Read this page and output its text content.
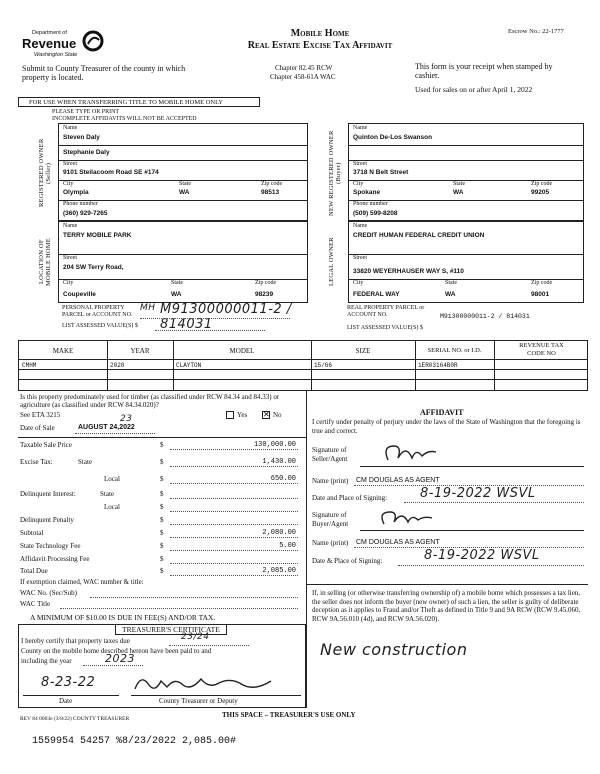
Department of
Revenue
Washington State
Mobile Home
Real Estate Excise Tax Affidavit
Escrow No.: 22-1777
Submit to County Treasurer of the county in which property is located.
Chapter 82.45 RCW
Chapter 458-61A WAC
This form is your receipt when stamped by cashier.
Used for sales on or after April 1, 2022
FOR USE WHEN TRANSFERRING TITLE TO MOBILE HOME ONLY
PLEASE TYPE OR PRINT
INCOMPLETE AFFIDAVITS WILL NOT BE ACCEPTED
Name
Steven Daly
Stephanie Daly
Street
9101 Steilacoom Road SE #174
City	State	Zip code
Olympia	WA	98513
Phone number
(360) 929-7265
REGISTERED OWNER (Seller)
Name
Quinton De-Los Swanson
Street
3718 N Belt Street
City	State	Zip code
Spokane	WA	99205
Phone number
(509) 599-8208
NEW REGISTERED OWNER (Buyer)
Name
TERRY MOBILE PARK
Street
204 SW Terry Road,
City	State	Zip code
Coupeville	WA	98239
LOCATION OF MOBILE HOME
PERSONAL PROPERTY PARCEL or ACCOUNT NO.
MH M91300000011-2 / 814031
LIST ASSESSED VALUE(S) $
Name
CREDIT HUMAN FEDERAL CREDIT UNION
Street
33820 WEYERHAUSER WAY S, #110
City	State	Zip code
FEDERAL WAY	WA	98001
LEGAL OWNER
REAL PROPERTY PARCEL or ACCOUNT NO.	M91300000011-2 / 814031
LIST ASSESSED VALUE(S) $
MAKE	YEAR	MODEL	SIZE	SERIAL NO. or I.D.
REVENUE TAX CODE NO
CMHM	2020	CLAYTON	15/66	1ER03164B0R
Is this property predominately used for timber (as classified under RCW 84.34 and 84.33) or agriculture (as classified under RCW 84.34.020)?
See ETA 3215	Yes ✕ No
Date of Sale	AUGUST 24,2022
23
Taxable Sale Price	$	130,000.00
Excise Tax:	State	$	1,430.00
Local	$	650.00
Delinquent Interest:	State	$
Local	$
Delinquent Penalty	$
Subtotal	$	2,080.00
State Technology Fee	$	5.00
Affidavit Processing Fee	$
Total Due	$	2,085.00
If exemption claimed, WAC number & title:
WAC No. (Sec/Sub)
WAC Title
A MINIMUM OF $10.00 IS DUE IN FEE(S) AND/OR TAX.
TREASURER'S CERTIFICATE
I hereby certify that property taxes due	23/24
County on the mobile home described hereon have been paid to and
including the year	2023
8-23-22
Date	County Treasurer or Deputy
THIS SPACE – TREASURER'S USE ONLY
REV 84 0003e (3/8/22) COUNTY TREASURER
AFFIDAVIT
I certify under penalty of perjury under the laws of the State of Washington that the foregoing is true and correct.
Signature of Seller/Agent
Name (print) CM DOUGLAS AS AGENT
Date and Place of Signing:	8-19-2022 WSVL
Signature of Buyer/Agent
Name (print) CM DOUGLAS AS AGENT
Date & Place of Signing:	8-19-2022 WSVL
If, in selling (or otherwise transferring ownership of) a mobile home which possesses a tax lien, the seller does not inform the buyer (new owner) of such a lien, the seller is guilty of deliberate deception as it applies to Fraud and/or Theft as defined in Title 9 and 9A RCW (RCW 9.45.060, RCW 9A.56.010 (4d), and RCW 9A.56.020).
New construction
1559954 54257 %8/23/2022 2,085.00#
